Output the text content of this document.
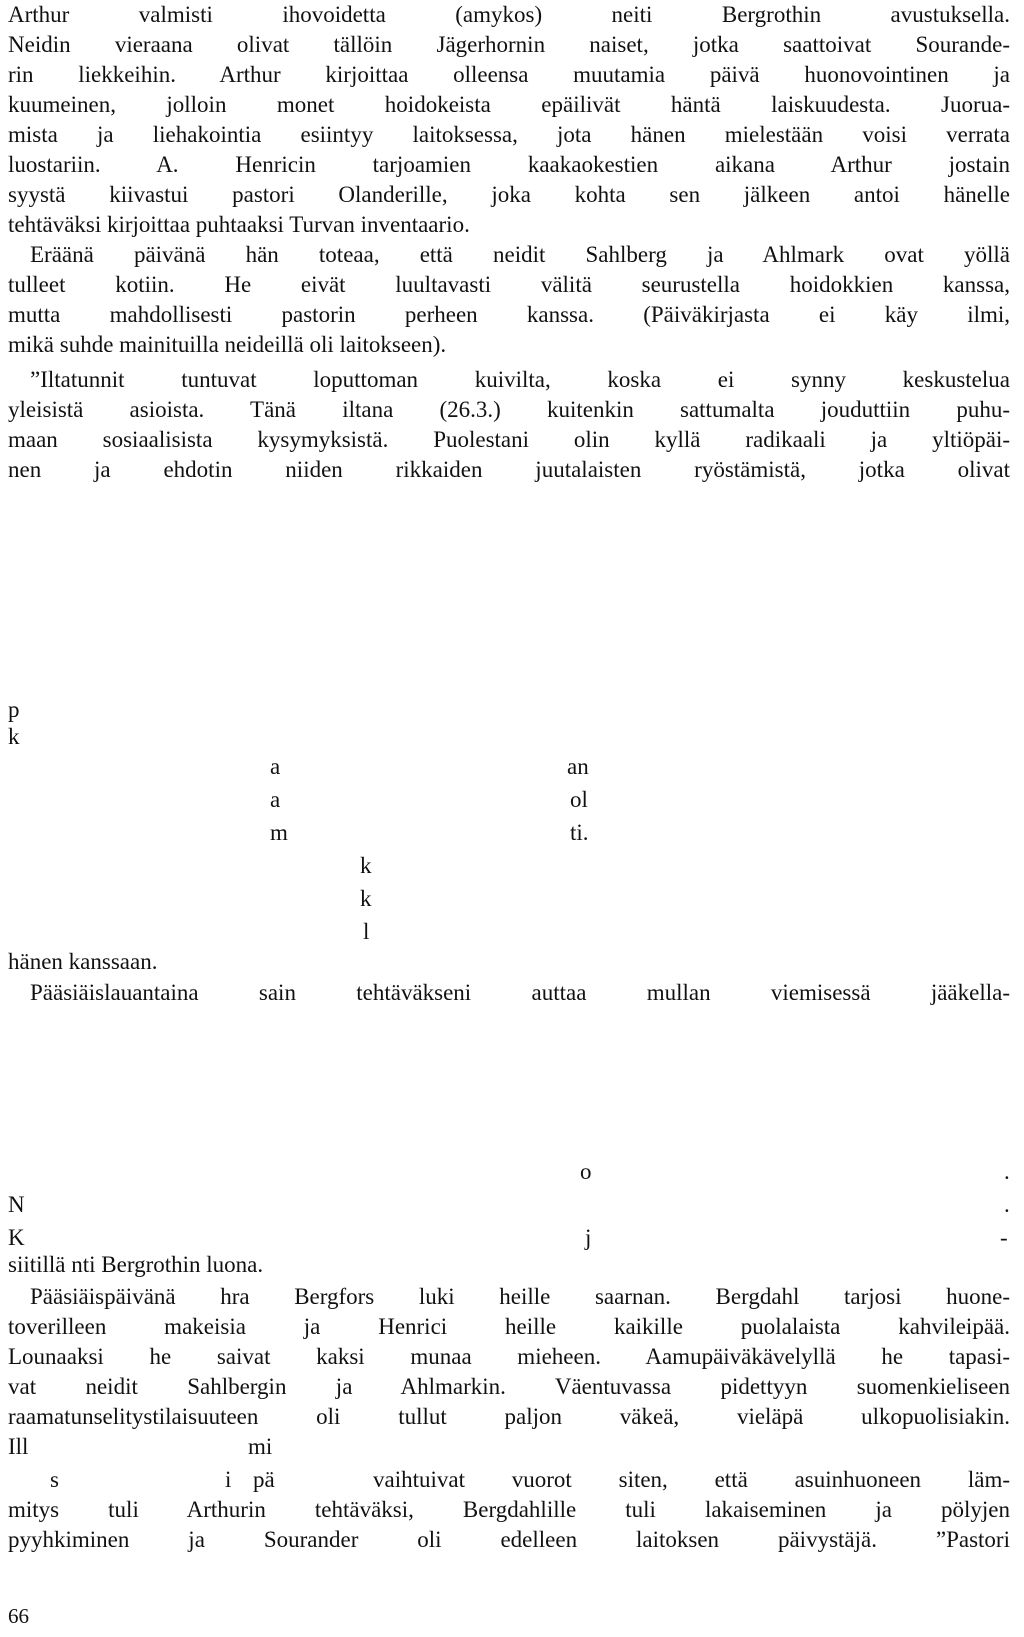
Arthur valmisti ihovoidetta (amykos) neiti Bergrothin avustuksella.
Neidin vieraana olivat tällöin Jägerhornin naiset, jotka saattoivat Sourande-
rin liekkeihin. Arthur kirjoittaa olleensa muutamia päivä huonovointinen ja
kuumeinen, jolloin monet hoidokeista epäilivät häntä laiskuudesta. Juorua-
mista ja liehakointia esiintyy laitoksessa, jota hänen mielestään voisi verrata
luostariin. A. Henricin tarjoamien kaakaokestien aikana Arthur jostain
syystä kiivastui pastori Olanderille, joka kohta sen jälkeen antoi hänelle
tehtäväksi kirjoittaa puhtaaksi Turvan inventaario.
Eräänä päivänä hän toteaa, että neidit Sahlberg ja Ahlmark ovat yöllä
tulleet kotiin. He eivät luultavasti välitä seurustella hoidokkien kanssa,
mutta mahdollisesti pastorin perheen kanssa. (Päiväkirjasta ei käy ilmi,
mikä suhde mainituilla neideillä oli laitokseen).
”Iltatunnit tuntuvat loputtoman kuivilta, koska ei synny keskustelua
yleisistä asioista. Tänä iltana (26.3.) kuitenkin sattumalta jouduttiin puhu-
maan sosiaalisista kysymyksistä. Puolestani olin kyllä radikaali ja yltiöpäi-
nen ja ehdotin niiden rikkaiden juutalaisten ryöstämistä, jotka olivat
p
k
a	an
a	ol
m	ti.
k
k
l
hänen kanssaan.
Pääsiäislauantaina sain tehtäväkseni auttaa mullan viemisessä jääkella-
o	.
N	.
K	j	-
siitillä nti Bergrothin luona.
Pääsiäispäivänä hra Bergfors luki heille saarnan. Bergdahl tarjosi huone-
toverilleen makeisia ja Henrici heille kaikille puolalaista kahvileipää.
Lounaaksi he saivat kaksi munaa mieheen. Aamupäiväkävelyllä he tapasi-
vat neidit Sahlbergin ja Ahlmarkin. Väentuvassa pidettyyn suomenkieliseen
raamatunselitystilaisuuteen oli tullut paljon väkeä, vieläpä ulkopuolisiakin.
Ill	mi
s	i pä	vaihtuivat vuorot siten, että asuinhuoneen läm-
mitys tuli Arthurin tehtäväksi, Bergdahlille tuli lakaiseminen ja pölyjen
pyyhkiminen ja Sourander oli edelleen laitoksen päivystäjä. ”Pastori
66
